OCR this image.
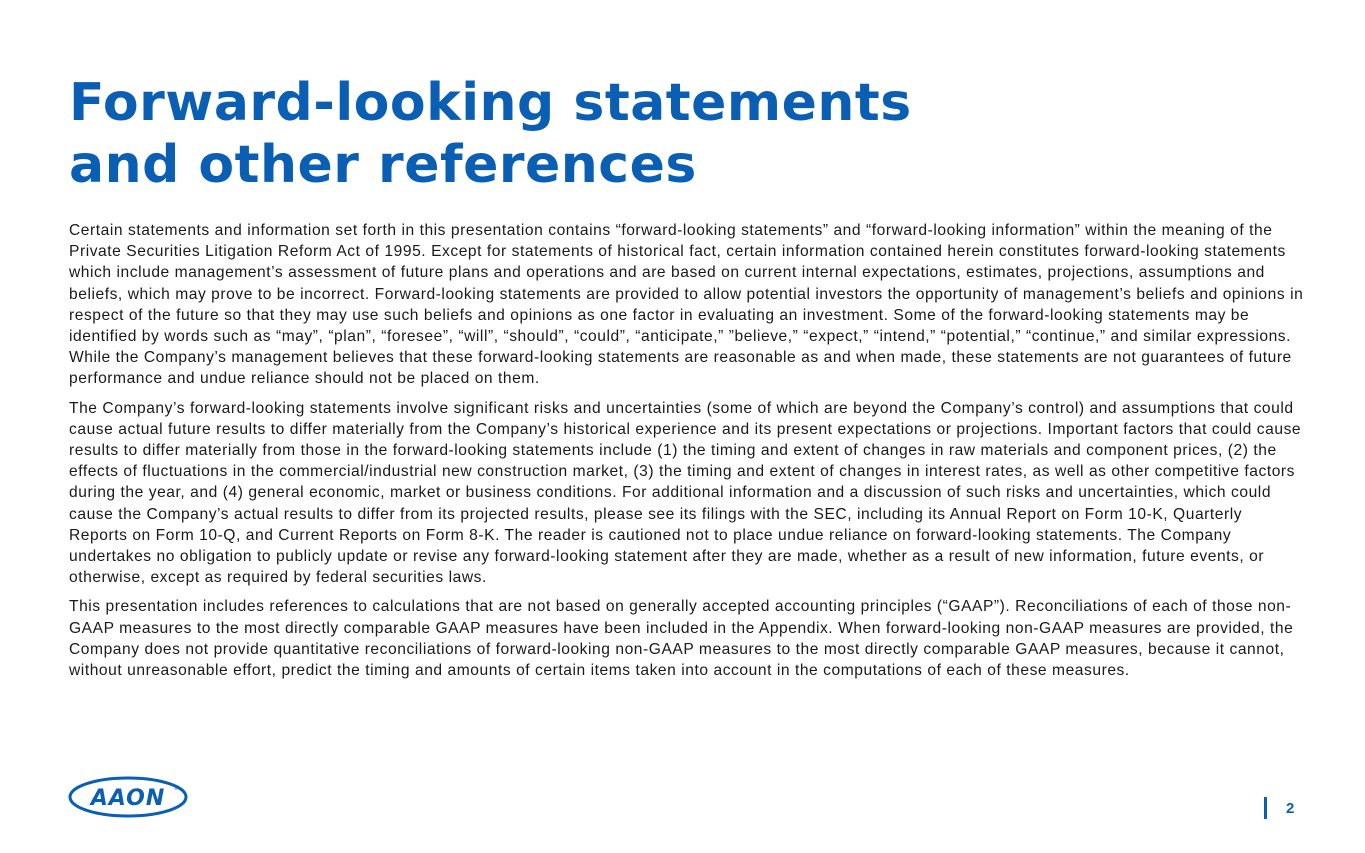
Forward-looking statements
and other references

Certain statements and information set forth in this presentation contains “forward-looking statements” and “forward-looking information” within the meaning of the Private Securities Litigation Reform Act of 1995. Except for statements of historical fact, certain information contained herein constitutes forward-looking statements which include management’s assessment of future plans and operations and are based on current internal expectations, estimates, projections, assumptions and beliefs, which may prove to be incorrect. Forward-looking statements are provided to allow potential investors the opportunity of management’s beliefs and opinions in respect of the future so that they may use such beliefs and opinions as one factor in evaluating an investment. Some of the forward-looking statements may be identified by words such as “may”, “plan”, “foresee”, “will”, “should”, “could”, “anticipate,” ”believe,” “expect,” “intend,” “potential,” “continue,” and similar expressions. While the Company’s management believes that these forward-looking statements are reasonable as and when made, these statements are not guarantees of future performance and undue reliance should not be placed on them.

The Company’s forward-looking statements involve significant risks and uncertainties (some of which are beyond the Company’s control) and assumptions that could cause actual future results to differ materially from the Company’s historical experience and its present expectations or projections. Important factors that could cause results to differ materially from those in the forward-looking statements include (1) the timing and extent of changes in raw materials and component prices, (2) the effects of fluctuations in the commercial/industrial new construction market, (3) the timing and extent of changes in interest rates, as well as other competitive factors during the year, and (4) general economic, market or business conditions. For additional information and a discussion of such risks and uncertainties, which could cause the Company’s actual results to differ from its projected results, please see its filings with the SEC, including its Annual Report on Form 10-K, Quarterly Reports on Form 10-Q, and Current Reports on Form 8-K. The reader is cautioned not to place undue reliance on forward-looking statements. The Company undertakes no obligation to publicly update or revise any forward-looking statement after they are made, whether as a result of new information, future events, or otherwise, except as required by federal securities laws.

This presentation includes references to calculations that are not based on generally accepted accounting principles (“GAAP”). Reconciliations of each of those non-GAAP measures to the most directly comparable GAAP measures have been included in the Appendix. When forward-looking non-GAAP measures are provided, the Company does not provide quantitative reconciliations of forward-looking non-GAAP measures to the most directly comparable GAAP measures, because it cannot, without unreasonable effort, predict the timing and amounts of certain items taken into account in the computations of each of these measures.

AAON ®
2
